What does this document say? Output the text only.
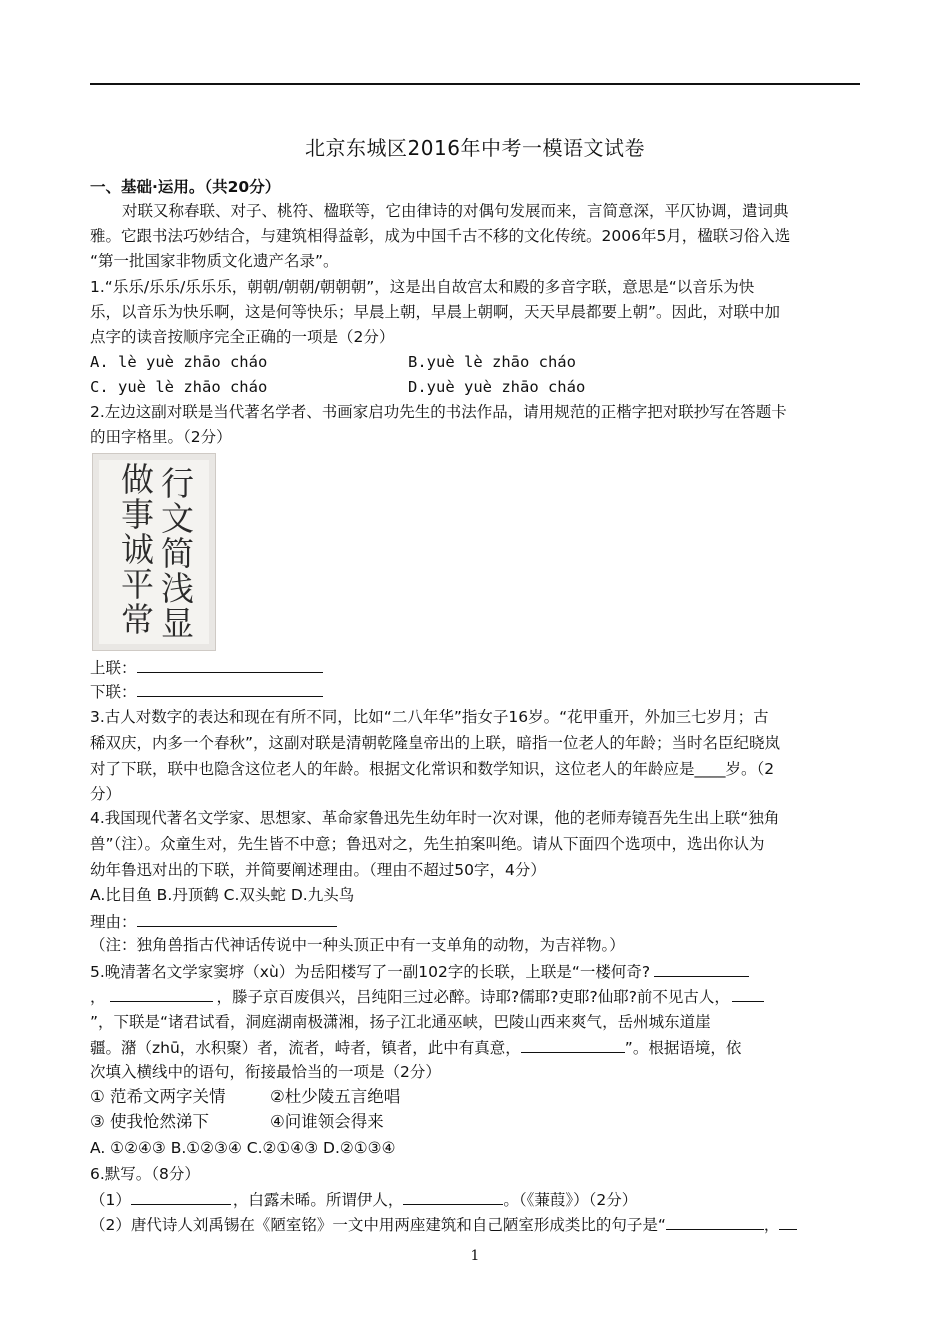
北京东城区2016年中考一模语文试卷
一、基础·运用。（共20分）
对联又称春联、对子、桃符、楹联等，它由律诗的对偶句发展而来，言简意深，平仄协调，遣词典
雅。它跟书法巧妙结合，与建筑相得益彰，成为中国千古不移的文化传统。2006年5月，楹联习俗入选
“第一批国家非物质文化遗产名录”。
1.“乐乐/乐乐/乐乐乐，朝朝/朝朝/朝朝朝”，这是出自故宫太和殿的多音字联，意思是“以音乐为快
乐，以音乐为快乐啊，这是何等快乐；早晨上朝，早晨上朝啊，天天早晨都要上朝”。因此，对联中加
点字的读音按顺序完全正确的一项是（2分）
A. lè yuè zhāo cháo	B.yuè lè zhāo cháo
C. yuè lè zhāo cháo	D.yuè yuè zhāo cháo
2.左边这副对联是当代著名学者、书画家启功先生的书法作品，请用规范的正楷字把对联抄写在答题卡
的田字格里。（2分）
行文简浅显
做事诚平常
上联：
下联：
3.古人对数字的表达和现在有所不同，比如“二八年华”指女子16岁。“花甲重开，外加三七岁月；古
稀双庆，内多一个春秋”，这副对联是清朝乾隆皇帝出的上联，暗指一位老人的年龄；当时名臣纪晓岚
对了下联，联中也隐含这位老人的年龄。根据文化常识和数学知识，这位老人的年龄应是____岁。（2
分）
4.我国现代著名文学家、思想家、革命家鲁迅先生幼年时一次对课，他的老师寿镜吾先生出上联“独角
兽”（注）。众童生对，先生皆不中意；鲁迅对之，先生拍案叫绝。请从下面四个选项中，选出你认为
幼年鲁迅对出的下联，并简要阐述理由。（理由不超过50字，4分）
A.比目鱼 B.丹顶鹤 C.双头蛇 D.九头鸟
理由：
（注：独角兽指古代神话传说中一种头顶正中有一支单角的动物，为吉祥物。）
5.晚清著名文学家窦垿（xù）为岳阳楼写了一副102字的长联，上联是“一楼何奇?
，	，滕子京百废俱兴，吕纯阳三过必醉。诗耶?儒耶?吏耶?仙耶?前不见古人，
”，下联是“诸君试看，洞庭湖南极潇湘，扬子江北通巫峡，巴陵山西来爽气，岳州城东道崖
疆。潴（zhū，水积聚）者，流者，峙者，镇者，此中有真意，	”。根据语境，依
次填入横线中的语句，衔接最恰当的一项是（2分）
① 范希文两字关情	②杜少陵五言绝唱
③ 使我怆然涕下	④问谁领会得来
A. ①②④③ B.①②③④ C.②①④③ D.②①③④
6.默写。（8分）
（1）	，白露未晞。所谓伊人，	。（《蒹葭》）（2分）
（2）唐代诗人刘禹锡在《陋室铭》一文中用两座建筑和自己陋室形成类比的句子是“	，
1
